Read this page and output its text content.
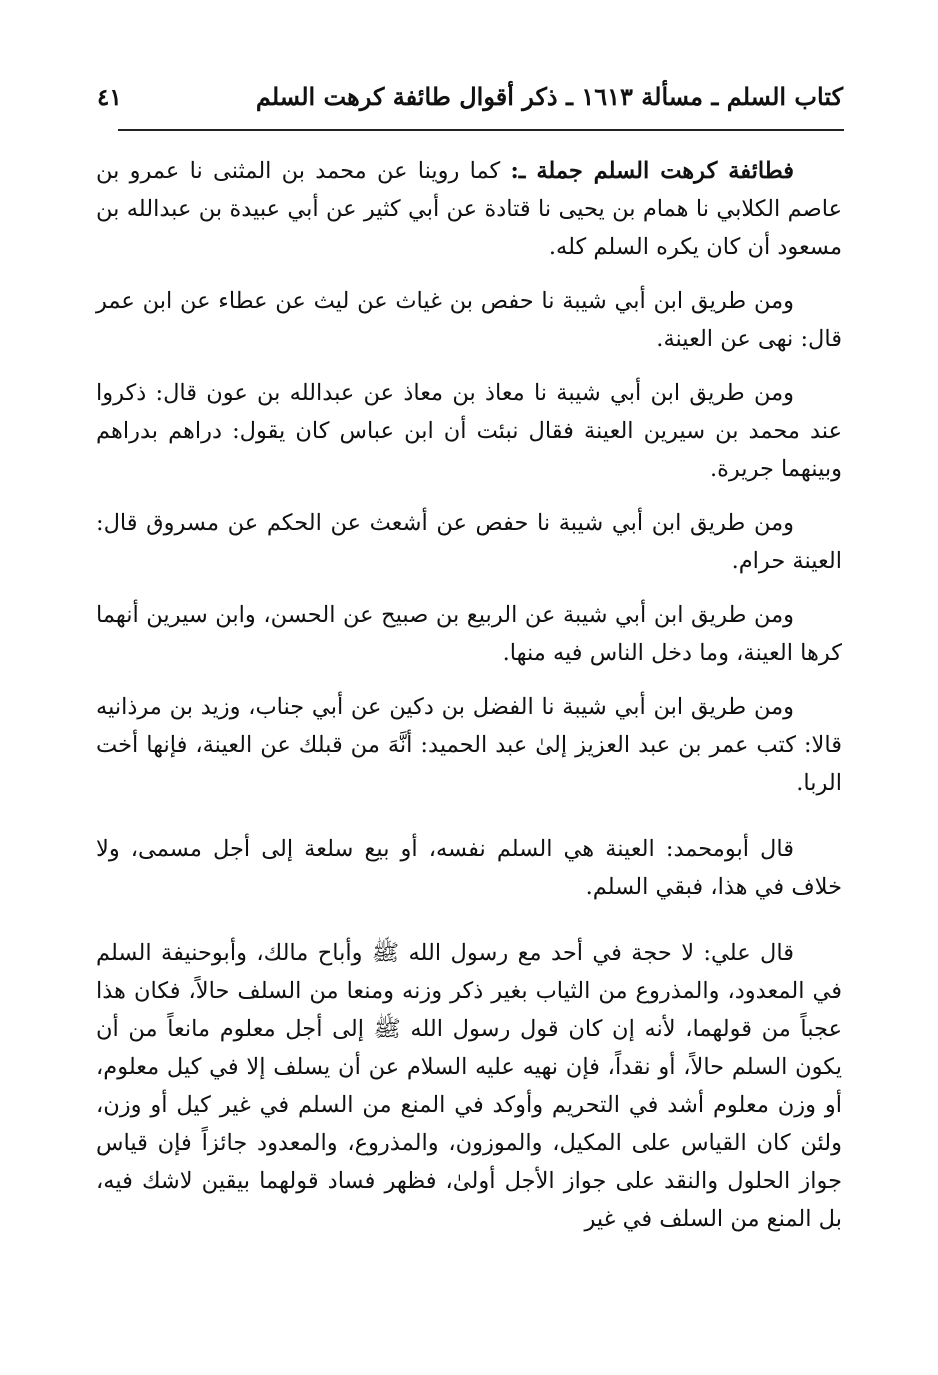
كتاب السلم ـ مسألة ١٦١٣ ـ ذكر أقوال طائفة كرهت السلم
٤١

فطائفة كرهت السلم جملة ـ: كما روينا عن محمد بن المثنى نا عمرو بن عاصم الكلابي نا همام بن يحيى نا قتادة عن أبي كثير عن أبي عبيدة بن عبدالله بن مسعود أن كان يكره السلم كله.

ومن طريق ابن أبي شيبة نا حفص بن غياث عن ليث عن عطاء عن ابن عمر قال: نهى عن العينة.

ومن طريق ابن أبي شيبة نا معاذ بن معاذ عن عبدالله بن عون قال: ذكروا عند محمد بن سيرين العينة فقال نبئت أن ابن عباس كان يقول: دراهم بدراهم وبينهما جريرة.

ومن طريق ابن أبي شيبة نا حفص عن أشعث عن الحكم عن مسروق قال: العينة حرام.

ومن طريق ابن أبي شيبة عن الربيع بن صبيح عن الحسن، وابن سيرين أنهما كرها العينة، وما دخل الناس فيه منها.

ومن طريق ابن أبي شيبة نا الفضل بن دكين عن أبي جناب، وزيد بن مرذانيه قالا: كتب عمر بن عبد العزيز إلىٰ عبد الحميد: أنَّهَ من قبلك عن العينة، فإنها أخت الربا.

قال أبومحمد: العينة هي السلم نفسه، أو بيع سلعة إلى أجل مسمى، ولا خلاف في هذا، فبقي السلم.

قال علي: لا حجة في أحد مع رسول الله ﷺ وأباح مالك، وأبوحنيفة السلم في المعدود، والمذروع من الثياب بغير ذكر وزنه ومنعا من السلف حالاً، فكان هذا عجباً من قولهما، لأنه إن كان قول رسول الله ﷺ إلى أجل معلوم مانعاً من أن يكون السلم حالاً، أو نقداً، فإن نهيه عليه السلام عن أن يسلف إلا في كيل معلوم، أو وزن معلوم أشد في التحريم وأوكد في المنع من السلم في غير كيل أو وزن، ولئن كان القياس على المكيل، والموزون، والمذروع، والمعدود جائزاً فإن قياس جواز الحلول والنقد على جواز الأجل أولىٰ، فظهر فساد قولهما بيقين لاشك فيه، بل المنع من السلف في غير
